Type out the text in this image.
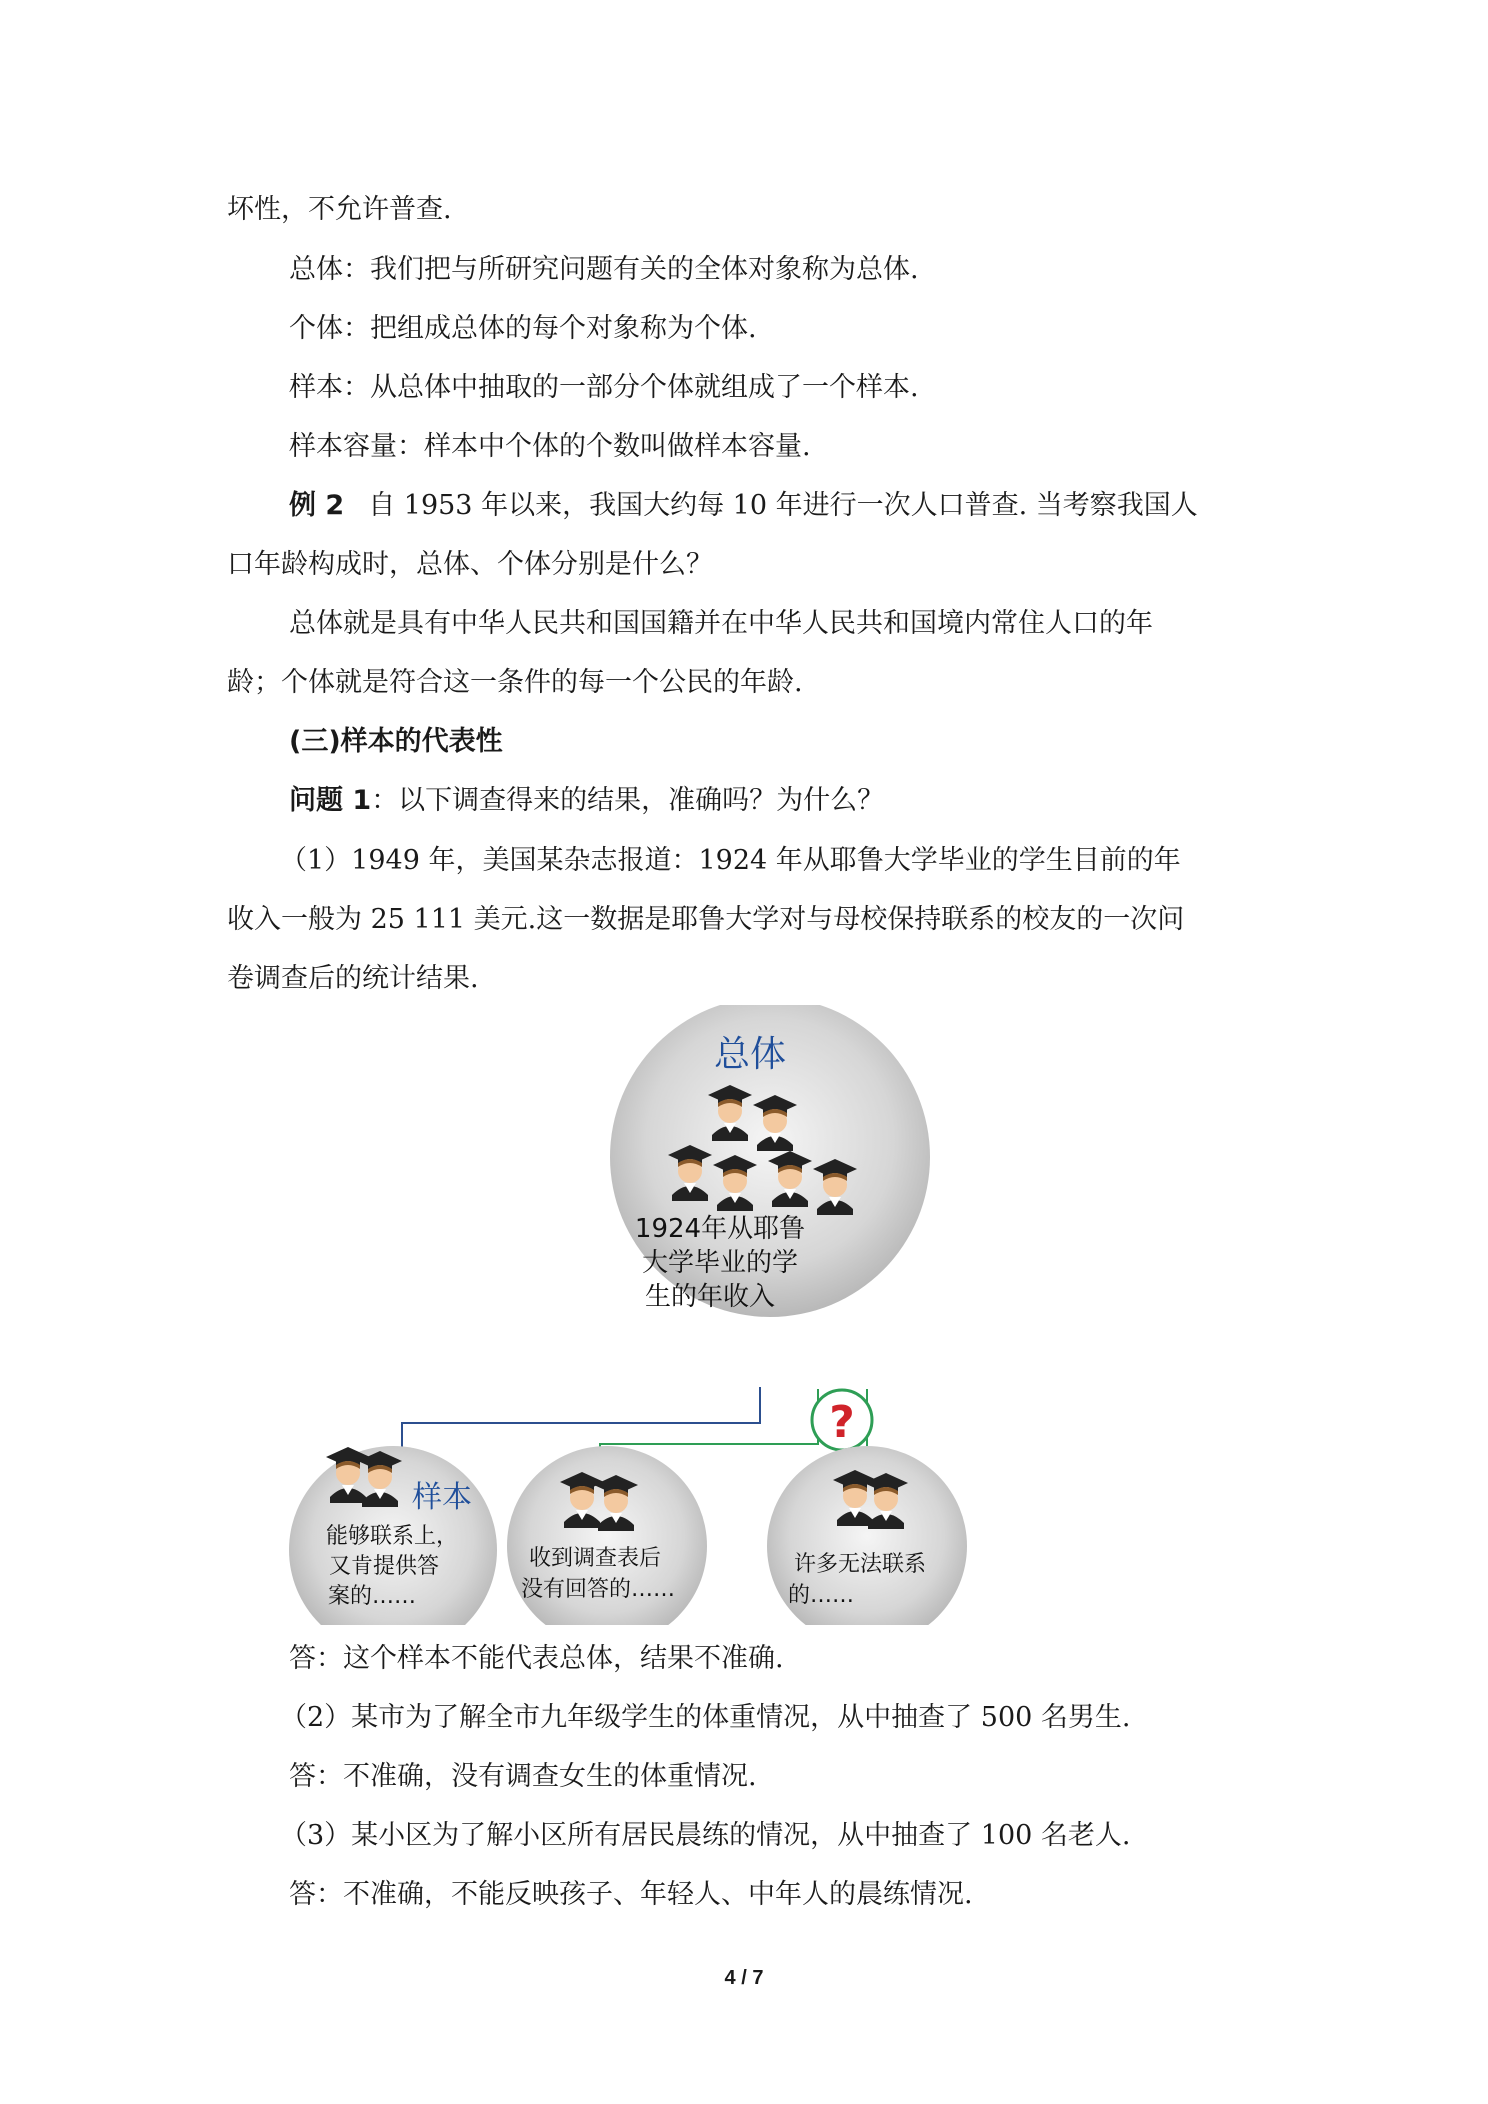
坏性，不允许普查.
总体：我们把与所研究问题有关的全体对象称为总体.
个体：把组成总体的每个对象称为个体.
样本：从总体中抽取的一部分个体就组成了一个样本.
样本容量：样本中个体的个数叫做样本容量.
例 2 自 1953 年以来，我国大约每 10 年进行一次人口普查. 当考察我国人
口年龄构成时，总体、个体分别是什么？
总体就是具有中华人民共和国国籍并在中华人民共和国境内常住人口的年
龄；个体就是符合这一条件的每一个公民的年龄.
(三)样本的代表性
问题 1：以下调查得来的结果，准确吗？为什么？
（1）1949 年，美国某杂志报道：1924 年从耶鲁大学毕业的学生目前的年
收入一般为 25 111 美元.这一数据是耶鲁大学对与母校保持联系的校友的一次问
卷调查后的统计结果.
总体
1924年从耶鲁
大学毕业的学
生的年收入
?
样本
能够联系上，
又肯提供答
案的……
收到调查表后
没有回答的……
许多无法联系
的……
答：这个样本不能代表总体，结果不准确.
（2）某市为了解全市九年级学生的体重情况，从中抽查了 500 名男生.
答：不准确，没有调查女生的体重情况.
（3）某小区为了解小区所有居民晨练的情况，从中抽查了 100 名老人.
答：不准确，不能反映孩子、年轻人、中年人的晨练情况.
4 / 7
